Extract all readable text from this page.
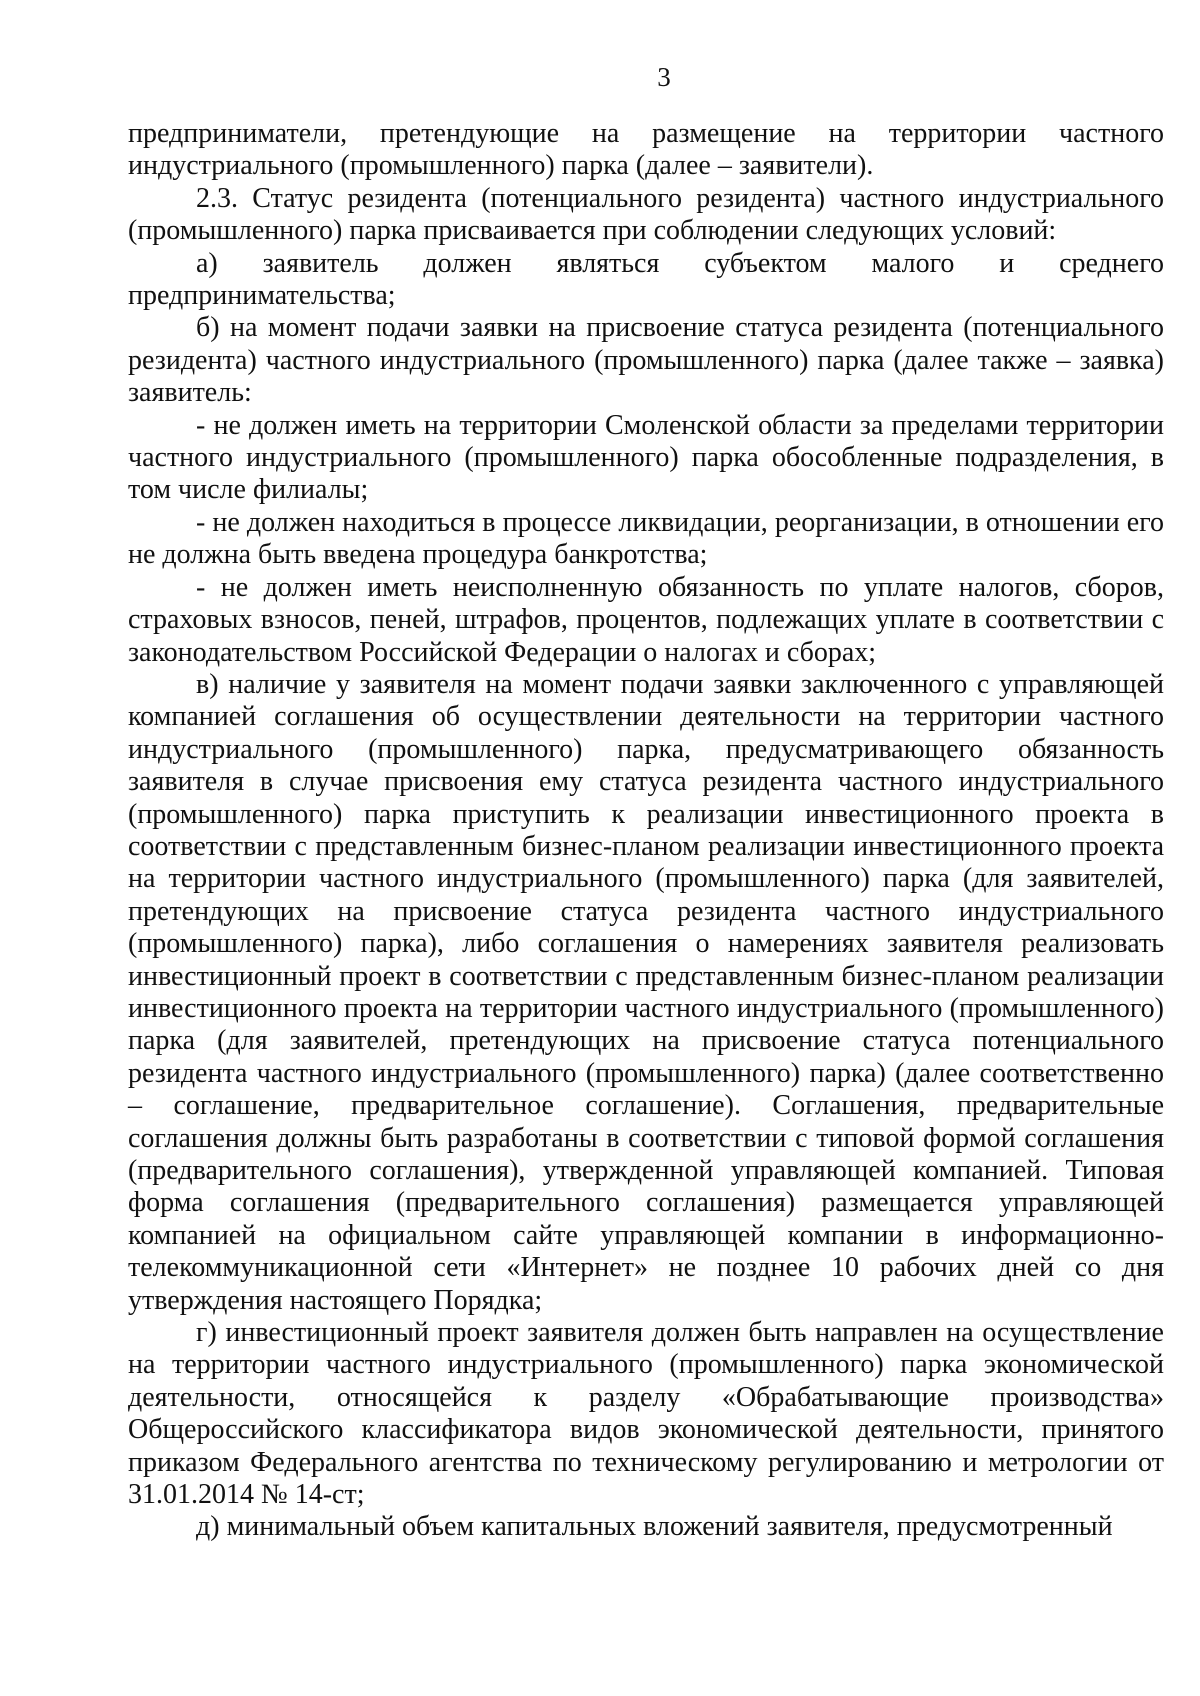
3

предприниматели, претендующие на размещение на территории частного индустриального (промышленного) парка (далее – заявители).

2.3. Статус резидента (потенциального резидента) частного индустриального (промышленного) парка присваивается при соблюдении следующих условий:

а) заявитель должен являться субъектом малого и среднего предпринимательства;

б) на момент подачи заявки на присвоение статуса резидента (потенциального резидента) частного индустриального (промышленного) парка (далее также – заявка) заявитель:

- не должен иметь на территории Смоленской области за пределами территории частного индустриального (промышленного) парка обособленные подразделения, в том числе филиалы;

- не должен находиться в процессе ликвидации, реорганизации, в отношении его не должна быть введена процедура банкротства;

- не должен иметь неисполненную обязанность по уплате налогов, сборов, страховых взносов, пеней, штрафов, процентов, подлежащих уплате в соответствии с законодательством Российской Федерации о налогах и сборах;

в) наличие у заявителя на момент подачи заявки заключенного с управляющей компанией соглашения об осуществлении деятельности на территории частного индустриального (промышленного) парка, предусматривающего обязанность заявителя в случае присвоения ему статуса резидента частного индустриального (промышленного) парка приступить к реализации инвестиционного проекта в соответствии с представленным бизнес-планом реализации инвестиционного проекта на территории частного индустриального (промышленного) парка (для заявителей, претендующих на присвоение статуса резидента частного индустриального (промышленного) парка), либо соглашения о намерениях заявителя реализовать инвестиционный проект в соответствии с представленным бизнес-планом реализации инвестиционного проекта на территории частного индустриального (промышленного) парка (для заявителей, претендующих на присвоение статуса потенциального резидента частного индустриального (промышленного) парка) (далее соответственно – соглашение, предварительное соглашение). Соглашения, предварительные соглашения должны быть разработаны в соответствии с типовой формой соглашения (предварительного соглашения), утвержденной управляющей компанией. Типовая форма соглашения (предварительного соглашения) размещается управляющей компанией на официальном сайте управляющей компании в информационно-телекоммуникационной сети «Интернет» не позднее 10 рабочих дней со дня утверждения настоящего Порядка;

г) инвестиционный проект заявителя должен быть направлен на осуществление на территории частного индустриального (промышленного) парка экономической деятельности, относящейся к разделу «Обрабатывающие производства» Общероссийского классификатора видов экономической деятельности, принятого приказом Федерального агентства по техническому регулированию и метрологии от 31.01.2014 № 14-ст;

д) минимальный объем капитальных вложений заявителя, предусмотренный
